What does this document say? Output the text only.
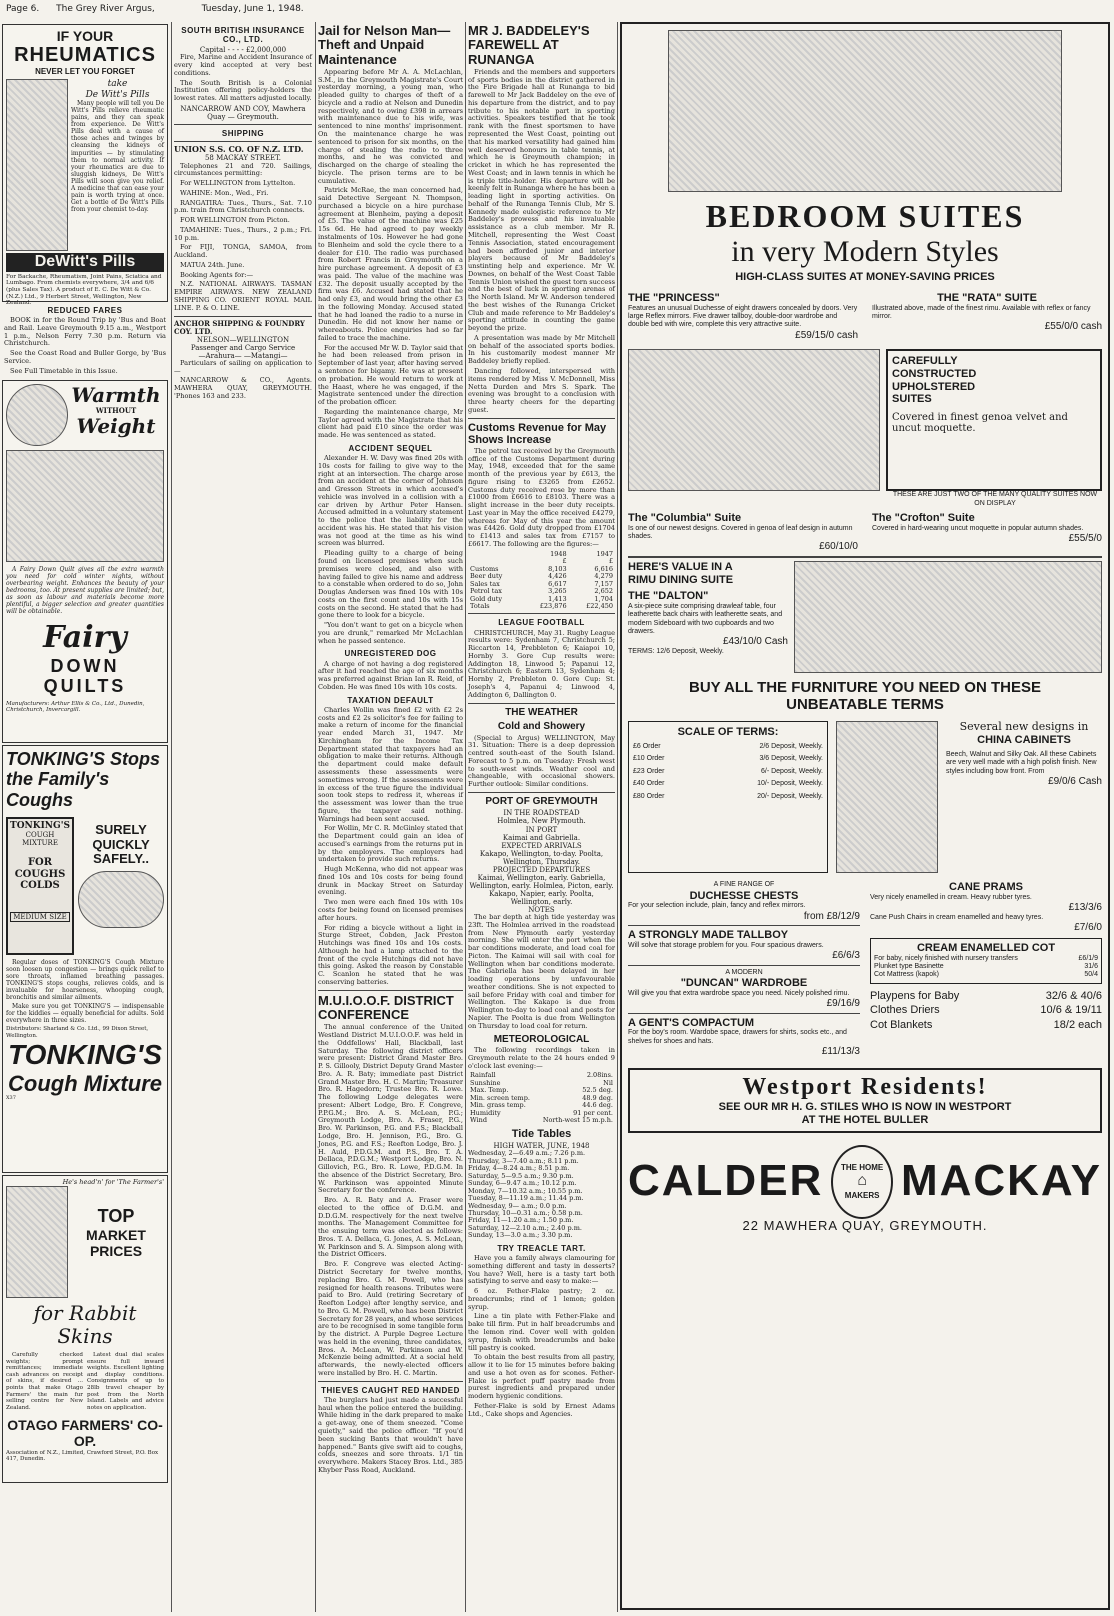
Page 6. The Grey River Argus,	Tuesday, June 1, 1948.
IF YOUR
RHEUMATICS
NEVER LET YOU FORGET
take
De Witt's Pills

Many people will tell you De Witt's Pills relieve rheumatic pains, and they can speak from experience. De Witt's Pills deal with a cause of those aches and twinges by cleansing the kidneys of impurities — by stimulating them to normal activity. If your rheumatics are due to sluggish kidneys, De Witt's Pills will soon give you relief. A medicine that can ease your pain is worth trying at once. Get a bottle of De Witt's Pills from your chemist to-day.

DeWitt's Pills
For Backache, Rheumatism, Joint Pains, Sciatica and Lumbago. From chemists everywhere, 3/4 and 6/6 (plus Sales Tax). A product of E. C. De Witt & Co. (N.Z.) Ltd., 9 Herbert Street, Wellington, New Zealand.
REDUCED FARES

BOOK in for the Round Trip by 'Bus and Boat and Rail. Leave Greymouth 9.15 a.m., Westport 1 p.m., Nelson Ferry 7.30 p.m. Return via Christchurch.

See the Coast Road and Buller Gorge, by 'Bus Service.

See Full Timetable in this Issue.

Warmth
WITHOUT
Weight

A Fairy Down Quilt gives all the extra warmth you need for cold winter nights, without overbearing weight. Enhances the beauty of your bedrooms, too. At present supplies are limited; but, as soon as labour and materials become more plentiful, a bigger selection and greater quantities will be obtainable.

Fairy
DOWN QUILTS
Manufacturers: Arthur Ellis & Co., Ltd., Dunedin, Christchurch, Invercargill.
TONKING'S Stops
the Family's Coughs
TONKING'S
COUGH MIXTURE
FOR COUGHS COLDS
MEDIUM SIZE
SURELY
QUICKLY
SAFELY..

Regular doses of TONKING'S Cough Mixture soon loosen up congestion — brings quick relief to sore throats, inflamed breathing passages. TONKING'S stops coughs, relieves colds, and is invaluable for hoarseness, whooping cough, bronchitis and similar ailments.

Make sure you get TONKING'S — indispensable for the kiddies — equally beneficial for adults. Sold everywhere in three sizes.

Distributors: Sharland & Co. Ltd., 99 Dixon Street, Wellington.
TONKING'S
Cough Mixture
X37
He's head'n' for 'The Farmer's'
TOP
MARKET PRICES
for Rabbit Skins

Carefully checked weights; prompt remittances; immediate cash advances on receipt of skins, if desired ... points that make Otago Farmers' the main fur selling centre for New Zealand.

Latest dual dial scales ensure full inward weights. Excellent lighting and display conditions. Consignments of up to 28lb travel cheaper by post from the North Island. Labels and advice notes on application.

OTAGO FARMERS' CO-OP.
Association of N.Z., Limited, Crawford Street, P.O. Box 417, Dunedin.
SOUTH BRITISH INSURANCE CO., LTD.
Capital - - - - £2,000,000

Fire, Marine and Accident Insurance of every kind accepted at very best conditions.

The South British is a Colonial Institution offering policy-holders the lowest rates. All matters adjusted locally.

NANCARROW AND COY, Mawhera Quay — Greymouth.
SHIPPING
UNION S.S. CO. OF N.Z. LTD.
58 MACKAY STREET.

Telephones 21 and 720. Sailings, circumstances permitting:

For WELLINGTON from Lyttelton.

WAHINE: Mon., Wed., Fri.

RANGATIRA: Tues., Thurs., Sat. 7.10 p.m. train from Christchurch connects.

FOR WELLINGTON from Picton.

TAMAHINE: Tues., Thurs., 2 p.m.; Fri. 10 p.m.

For FIJI, TONGA, SAMOA, from Auckland.

MATUA 24th. June.

Booking Agents for:—

N.Z. NATIONAL AIRWAYS. TASMAN EMPIRE AIRWAYS. NEW ZEALAND SHIPPING CO. ORIENT ROYAL MAIL LINE. P. & O. LINE.

ANCHOR SHIPPING & FOUNDRY COY. LTD.
NELSON—WELLINGTON
Passenger and Cargo Service
—Arahura— —Matangi—

Particulars of sailing on application to—

NANCARROW & CO., Agents. MAWHERA QUAY, GREYMOUTH. 'Phones 163 and 233.

Jail for Nelson Man—Theft and Unpaid Maintenance

Appearing before Mr A. A. McLachlan, S.M., in the Greymouth Magistrate's Court yesterday morning, a young man, who pleaded guilty to charges of theft of a bicycle and a radio at Nelson and Dunedin respectively, and to owing £398 in arrears with maintenance due to his wife, was sentenced to nine months' imprisonment. On the maintenance charge he was sentenced to prison for six months, on the charge of stealing the radio to three months, and he was convicted and discharged on the charge of stealing the bicycle. The prison terms are to be cumulative.

Patrick McRae, the man concerned had, said Detective Sergeant N. Thompson, purchased a bicycle on a hire purchase agreement at Blenheim, paying a deposit of £5. The value of the machine was £25 15s 6d. He had agreed to pay weekly instalments of 10s. However he had gone to Blenheim and sold the cycle there to a dealer for £10. The radio was purchased from Robert Francis in Greymouth on a hire purchase agreement. A deposit of £3 was paid. The value of the machine was £32. The deposit usually accepted by the firm was £6. Accused had stated that he had only £3, and would bring the other £3 in the following Monday. Accused stated that he had loaned the radio to a nurse in Dunedin. He did not know her name or whereabouts. Police enquiries had so far failed to trace the machine.

For the accused Mr W. D. Taylor said that he had been released from prison in September of last year, after having served a sentence for bigamy. He was at present on probation. He would return to work at the Haast, where he was engaged, if the Magistrate sentenced under the direction of the probation officer.

Regarding the maintenance charge, Mr Taylor agreed with the Magistrate that his client had paid £10 since the order was made. He was sentenced as stated.

ACCIDENT SEQUEL

Alexander H. W. Davy was fined 20s with 10s costs for failing to give way to the right at an intersection. The charge arose from an accident at the corner of Johnson and Gresson Streets in which accused's vehicle was involved in a collision with a car driven by Arthur Peter Hansen. Accused admitted in a voluntary statement to the police that the liability for the accident was his. He stated that his vision was not good at the time as his wind screen was blurred.

Pleading guilty to a charge of being found on licensed premises when such premises were closed, and also with having failed to give his name and address to a constable when ordered to do so, John Douglas Andersen was fined 10s with 10s costs on the first count and 10s with 15s costs on the second. He stated that he had gone there to look for a bicycle.

"You don't want to get on a bicycle when you are drunk," remarked Mr McLachlan when he passed sentence.

UNREGISTERED DOG

A charge of not having a dog registered after it had reached the age of six months was preferred against Brian Ian R. Reid, of Cobden. He was fined 10s with 10s costs.

TAXATION DEFAULT

Charles Wollin was fined £2 with £2 2s costs and £2 2s solicitor's fee for failing to make a return of income for the financial year ended March 31, 1947. Mr Kirchingham for the Income Tax Department stated that taxpayers had an obligation to make their returns. Although the department could make default assessments these assessments were sometimes wrong. If the assessments were in excess of the true figure the individual soon took steps to redress it, whereas if the assessment was lower than the true figure, the taxpayer said nothing. Warnings had been sent accused.

For Wollin, Mr C. R. McGinley stated that the Department could gain an idea of accused's earnings from the returns put in by the employers. The employers had undertaken to provide such returns.

Hugh McKenna, who did not appear was fined 10s and 10s costs for being found drunk in Mackay Street on Saturday evening.

Two men were each fined 10s with 10s costs for being found on licensed premises after hours.

For riding a bicycle without a light in Sturge Street, Cobden, Jack Preston Hutchings was fined 10s and 10s costs. Although he had a lamp attached to the front of the cycle Hutchings did not have this going. Asked the reason by Constable C. Scanlon he stated that he was conserving batteries.

M.U.I.O.O.F. DISTRICT CONFERENCE

The annual conference of the United Westland District M.U.I.O.O.F. was held in the Oddfellows' Hall, Blackball, last Saturday. The following district officers were present: District Grand Master Bro. P. S. Gillooly, District Deputy Grand Master Bro. A. R. Baty; immediate past District Grand Master Bro. H. C. Martin; Treasurer Bro. R. Hagedorn; Trustee Bro. R. Lowe. The following Lodge delegates were present: Albert Lodge, Bro. F. Congreve, P.P.G.M.; Bro. A. S. McLean, P.G.; Greymouth Lodge, Bro. A. Fraser, P.G., Bro. W. Parkinson, P.G. and F.S.; Blackball Lodge, Bro. H. Jennison, P.G., Bro. G. Jones, P.G. and F.S.; Reefton Lodge, Bro. J. H. Auld, P.D.G.M. and P.S., Bro. T. A. Dellaca, P.D.G.M.; Westport Lodge, Bro. N. Gillovich, P.G., Bro. R. Lowe, P.D.G.M. In the absence of the District Secretary, Bro. W. Parkinson was appointed Minute Secretary for the conference.

Bro. A. R. Baty and A. Fraser were elected to the office of D.G.M. and D.D.G.M. respectively for the next twelve months. The Management Committee for the ensuing term was elected as follows: Bros. T. A. Dellaca, G. Jones, A. S. McLean, W. Parkinson and S. A. Simpson along with the District Officers.

Bro. F. Congreve was elected Acting-District Secretary for twelve months, replacing Bro. G. M. Powell, who has resigned for health reasons. Tributes were paid to Bro. Auld (retiring Secretary of Reefton Lodge) after lengthy service, and to Bro. G. M. Powell, who has been District Secretary for 28 years, and whose services are to be recognised in some tangible form by the district. A Purple Degree Lecture was held in the evening, three candidates, Bros. A. McLean, W. Parkinson and W. McKenzie being admitted. At a social held afterwards, the newly-elected officers were installed by Bro. H. C. Martin.

THIEVES CAUGHT RED HANDED

The burglars had just made a successful haul when the police entered the building. While hiding in the dark prepared to make a get-away, one of them sneezed. "Come quietly," said the police officer. "If you'd been sucking Bants that wouldn't have happened." Bants give swift aid to coughs, colds, sneezes and sore throats. 1/1 tin everywhere. Makers Stacey Bros. Ltd., 385 Khyber Pass Road, Auckland.

MR J. BADDELEY'S FAREWELL AT RUNANGA

Friends and the members and supporters of sports bodies in the district gathered in the Fire Brigade hall at Runanga to bid farewell to Mr Jack Baddeley on the eve of his departure from the district, and to pay tribute to his notable part in sporting activities. Speakers testified that he took rank with the finest sportsmen to have represented the West Coast, pointing out that his marked versatility had gained him well deserved honours in table tennis, at which he is Greymouth champion; in cricket in which he has represented the West Coast; and in lawn tennis in which he is triple title-holder. His departure will be keenly felt in Runanga where he has been a leading light in sporting activities. On behalf of the Runanga Tennis Club, Mr S. Kennedy made eulogistic reference to Mr Baddeley's prowess and his invaluable assistance as a club member. Mr R. Mitchell, representing the West Coast Tennis Association, stated encouragement had been afforded junior and interior players because of Mr Baddeley's unstinting help and experience. Mr W. Downes, on behalf of the West Coast Table Tennis Union wished the guest torn success and the best of luck in sporting arenas of the North Island. Mr W. Anderson tendered the best wishes of the Runanga Cricket Club and made reference to Mr Baddeley's sporting attitude in counting the game beyond the prize.

A presentation was made by Mr Mitchell on behalf of the associated sports bodies. In his customarily modest manner Mr Baddeley briefly replied.

Dancing followed, interspersed with items rendered by Miss V. McDonnell, Miss Netta Durden and Mrs S. Spark. The evening was brought to a conclusion with three hearty cheers for the departing guest.

Customs Revenue for May Shows Increase

The petrol tax received by the Greymouth office of the Customs Department during May, 1948, exceeded that for the same month of the previous year by £613, the figure rising to £3265 from £2652. Customs duty received rose by more than £1000 from £6616 to £8103. There was a slight increase in the beer duty receipts. Last year in May the office received £4279, whereas for May of this year the amount was £4426. Gold duty dropped from £1704 to £1413 and sales tax from £7157 to £6617. The following are the figures:—

	1948	1947
	£	£
Customs	8,103	6,616
Beer duty	4,426	4,279
Sales tax	6,617	7,157
Petrol tax	3,265	2,652
Gold duty	1,413	1,704
Totals	£23,876	£22,450
LEAGUE FOOTBALL

CHRISTCHURCH, May 31. Rugby League results were: Sydenham 7, Christchurch 5; Riccarton 14, Prebbleton 6; Kaiapoi 10, Hornby 3. Gore Cup results were: Addington 18, Linwood 5; Papanui 12, Christchurch 6; Eastern 13, Sydenham 4; Hornby 2, Prebbleton 0. Gore Cup: St. Joseph's 4, Papanui 4; Linwood 4, Addington 6, Dallington 0.

THE WEATHER
Cold and Showery

(Special to Argus) WELLINGTON, May 31. Situation: There is a deep depression centred south-east of the South Island. Forecast to 5 p.m. on Tuesday: Fresh west to south-west winds. Weather cool and changeable, with occasional showers. Further outlook: Similar conditions.

PORT OF GREYMOUTH
IN THE ROADSTEAD
Holmlea, New Plymouth.
IN PORT
Kaimai and Gabriella.
EXPECTED ARRIVALS
Kakapo, Wellington, to-day. Poolta, Wellington, Thursday.
PROJECTED DEPARTURES
Kaimai, Wellington, early. Gabriella, Wellington, early. Holmlea, Picton, early. Kakapo, Napier, early. Poolta, Wellington, early.
NOTES

The bar depth at high tide yesterday was 23ft. The Holmlea arrived in the roadstead from New Plymouth early yesterday morning. She will enter the port when the bar conditions moderate, and load coal for Picton. The Kaimai will sail with coal for Wellington when bar conditions moderate. The Gabriella has been delayed in her loading operations by unfavourable weather conditions. She is not expected to sail before Friday with coal and timber for Wellington. The Kakapo is due from Wellington to-day to load coal and posts for Napier. The Poolta is due from Wellington on Thursday to load coal for return.

METEOROLOGICAL

The following recordings taken in Greymouth relate to the 24 hours ended 9 o'clock last evening:—

Rainfall	2.08ins.
Sunshine	Nil
Max. Temp.	52.5 deg.
Min. screen temp.	48.9 deg.
Min. grass temp.	44.6 deg.
Humidity	91 per cent.
Wind	North-west 15 m.p.h.
Tide Tables
HIGH WATER, JUNE, 1948
Wednesday, 2—6.49 a.m.; 7.26 p.m.
Thursday, 3—7.40 a.m.; 8.11 p.m.
Friday, 4—8.24 a.m.; 8.51 p.m.
Saturday, 5—9.5 a.m.; 9.30 p.m.
Sunday, 6—9.47 a.m.; 10.12 p.m.
Monday, 7—10.32 a.m.; 10.55 p.m.
Tuesday, 8—11.19 a.m.; 11.44 p.m.
Wednesday, 9— a.m.; 0.0 p.m.
Thursday, 10—0.31 a.m.; 0.58 p.m.
Friday, 11—1.20 a.m.; 1.50 p.m.
Saturday, 12—2.10 a.m.; 2.40 p.m.
Sunday, 13—3.0 a.m.; 3.30 p.m.
TRY TREACLE TART.

Have you a family always clamouring for something different and tasty in desserts? You have? Well, here is a tasty tart both satisfying to serve and easy to make:—

6 oz. Fether-Flake pastry; 2 oz. breadcrumbs; rind of 1 lemon; golden syrup.

Line a tin plate with Fether-Flake and bake till firm. Put in half breadcrumbs and the lemon rind. Cover well with golden syrup, finish with breadcrumbs and bake till pastry is cooked.

To obtain the best results from all pastry, allow it to lie for 15 minutes before baking and use a hot oven as for scones. Fether-Flake is perfect puff pastry made from purest ingredients and prepared under modern hygienic conditions.

Fether-Flake is sold by Ernest Adams Ltd., Cake shops and Agencies.

BEDROOM SUITES
in very Modern Styles
HIGH-CLASS SUITES AT MONEY-SAVING PRICES
THE "PRINCESS"
Features an unusual Duchesse of eight drawers concealed by doors. Very large Reflex mirrors. Five drawer tallboy, double-door wardrobe and double bed with wire, complete this very attractive suite.
£59/15/0 cash
THE "RATA" SUITE
Illustrated above, made of the finest rimu. Available with reflex or fancy mirror.
£55/0/0 cash
CAREFULLY
CONSTRUCTED
UPHOLSTERED
SUITES
Covered in finest genoa velvet and uncut moquette.
THESE ARE JUST TWO OF THE MANY QUALITY SUITES NOW ON DISPLAY
The "Columbia" Suite
Is one of our newest designs. Covered in genoa of leaf design in autumn shades.
£60/10/0
The "Crofton" Suite
Covered in hard-wearing uncut moquette in popular autumn shades.
£55/5/0
HERE'S VALUE IN A
RIMU DINING SUITE
THE "DALTON"
A six-piece suite comprising drawleaf table, four leatherette back chairs with leatherette seats, and modern Sideboard with two cupboards and two drawers.
£43/10/0 Cash
TERMS: 12/6 Deposit, Weekly.
BUY ALL THE FURNITURE YOU NEED ON THESE
UNBEATABLE TERMS
SCALE OF TERMS:
£6 Order	2/6 Deposit, Weekly.
£10 Order	3/6 Deposit, Weekly.
£23 Order	6/- Deposit, Weekly.
£40 Order	10/- Deposit, Weekly.
£80 Order	20/- Deposit, Weekly.
Several new designs in
CHINA CABINETS
Beech, Walnut and Silky Oak. All these Cabinets are very well made with a high polish finish. New styles including bow front. From
£9/0/6 Cash
A FINE RANGE OF
DUCHESSE CHESTS
For your selection include, plain, fancy and reflex mirrors.
from £8/12/9
A STRONGLY MADE TALLBOY
Will solve that storage problem for you. Four spacious drawers.
£6/6/3
A MODERN
"DUNCAN" WARDROBE
Will give you that extra wardrobe space you need. Nicely polished rimu.
£9/16/9
A GENT'S COMPACTUM
For the boy's room. Wardobe space, drawers for shirts, socks etc., and shelves for shoes and hats.
£11/13/3
CANE PRAMS
Very nicely enamelled in cream. Heavy rubber tyres.
£13/3/6
Cane Push Chairs in cream enamelled and heavy tyres.
£7/6/0
CREAM ENAMELLED COT
For baby, nicely finished with nursery transfers	£6/1/9
Plunket type Basinette	31/6
Cot Mattress (kapok)	50/4
Playpens for Baby	32/6 & 40/6
Clothes Driers	10/6 & 19/11
Cot Blankets	18/2 each
Westport Residents!
SEE OUR MR H. G. STILES WHO IS NOW IN WESTPORT
AT THE HOTEL BULLER
CALDER THE HOME
⌂
MAKERS MACKAY
22 MAWHERA QUAY, GREYMOUTH.
